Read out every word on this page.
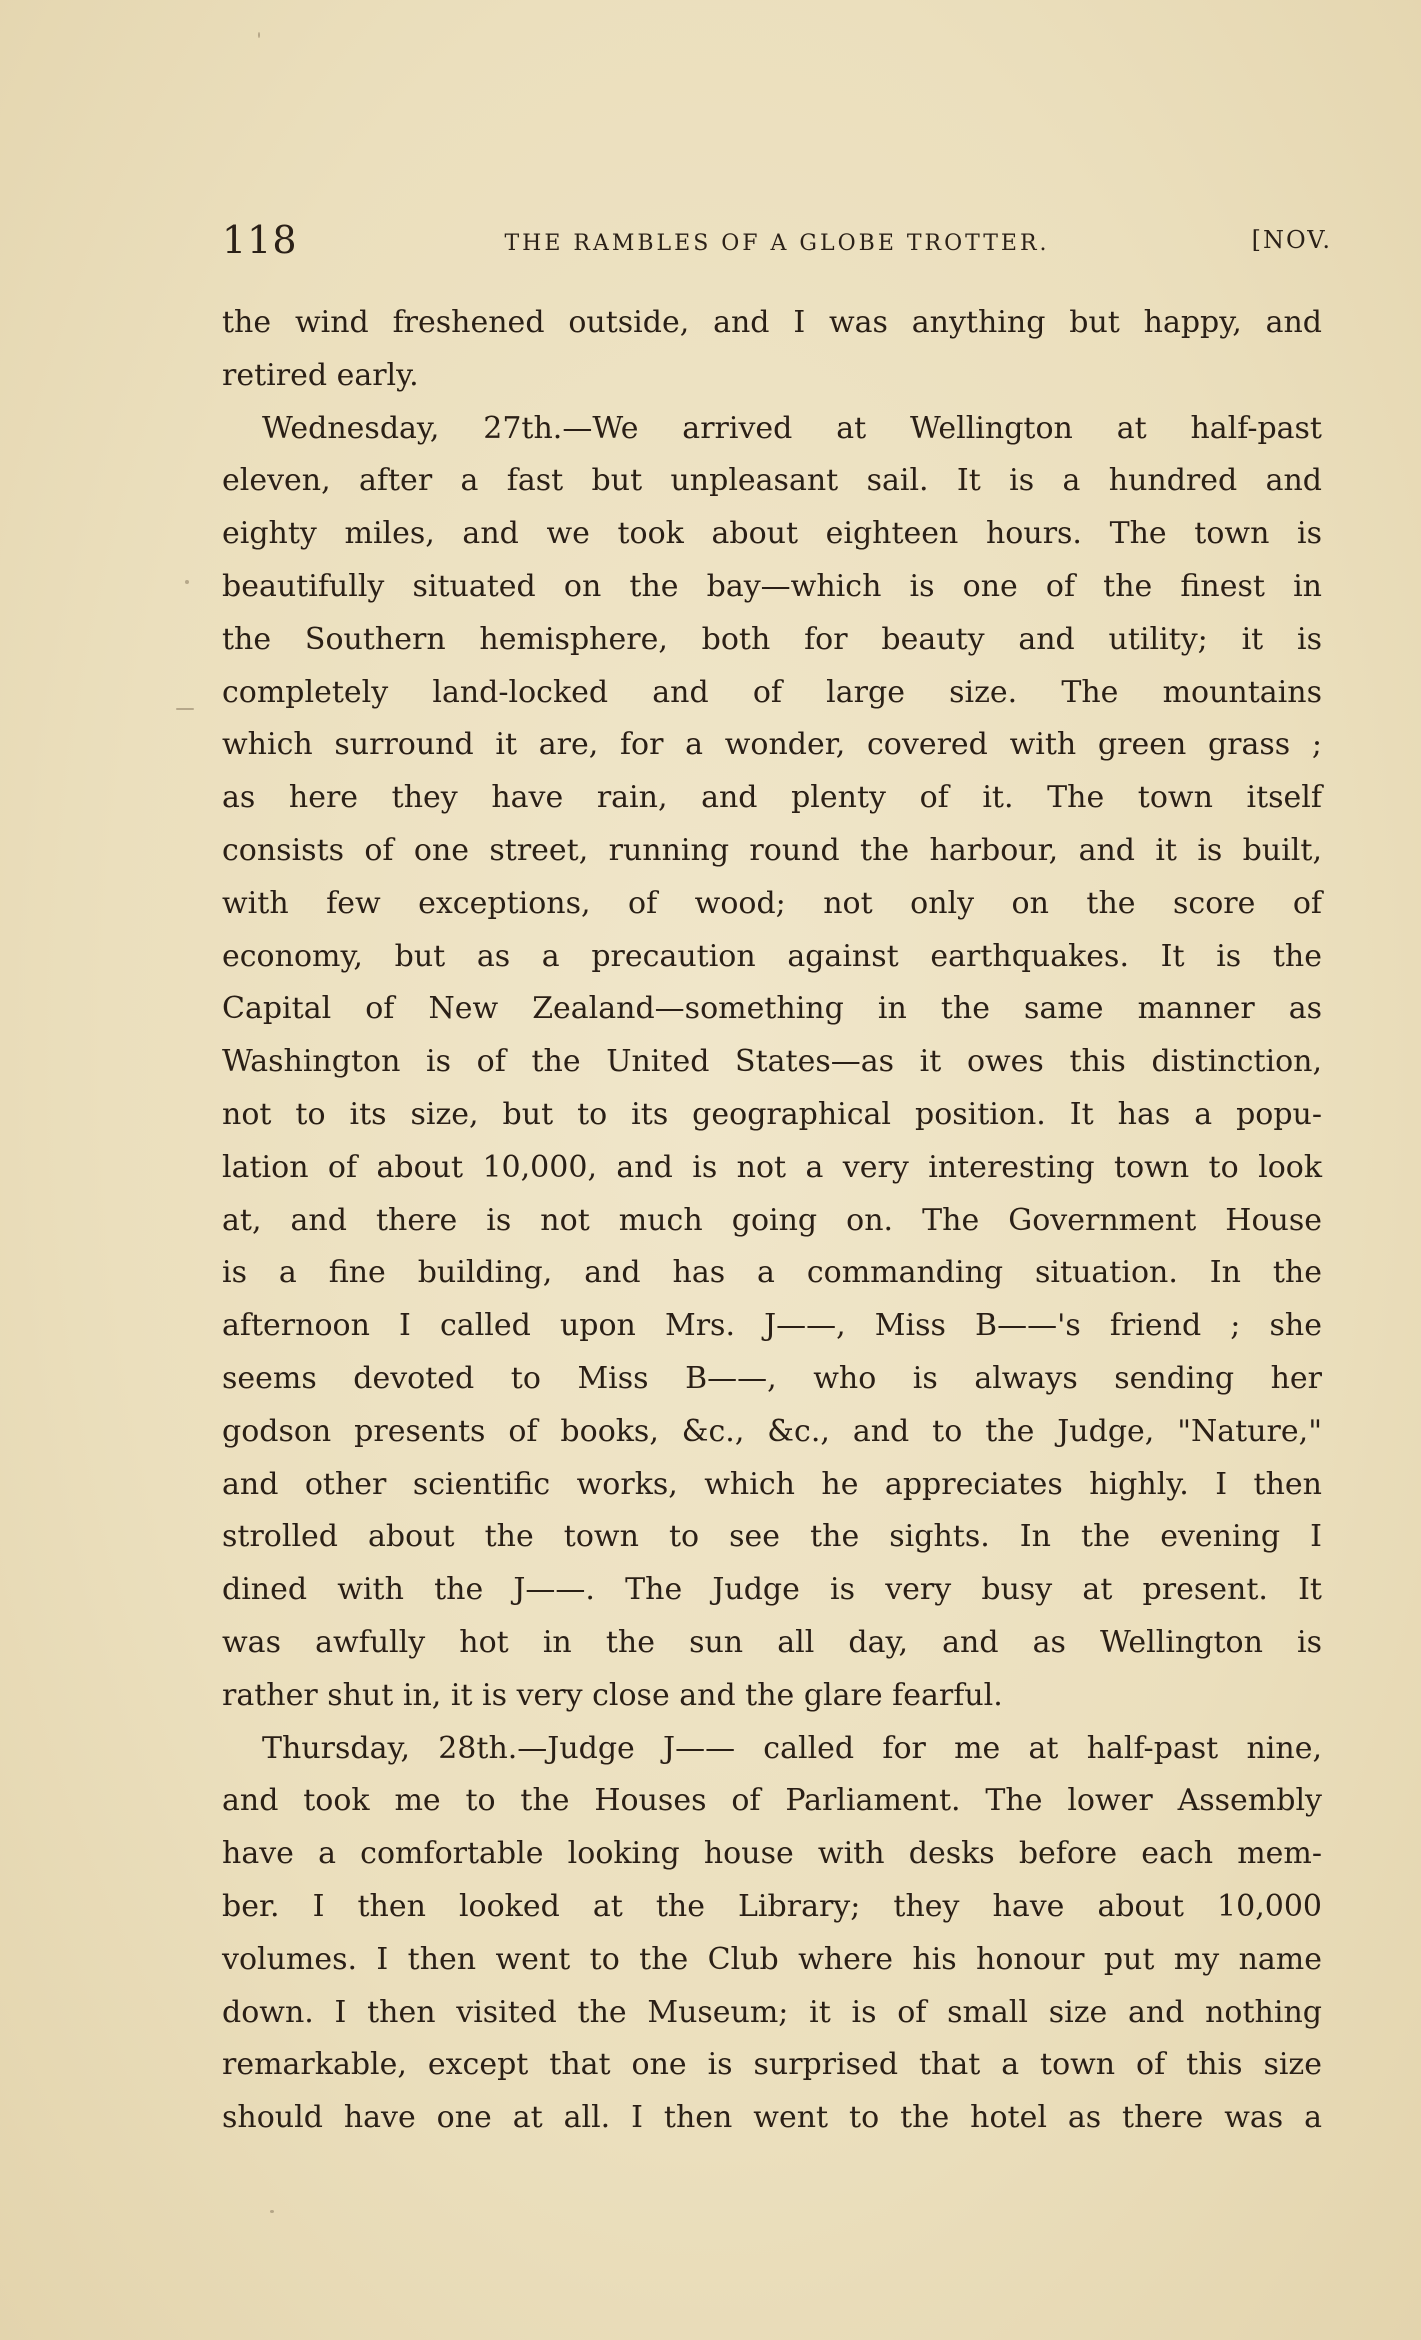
118	THE RAMBLES OF A GLOBE TROTTER.	[NOV.
the wind freshened outside, and I was anything but happy, and
retired early.
Wednesday, 27th.—We arrived at Wellington at half-past
eleven, after a fast but unpleasant sail. It is a hundred and
eighty miles, and we took about eighteen hours. The town is
beautifully situated on the bay—which is one of the finest in
the Southern hemisphere, both for beauty and utility; it is
completely land-locked and of large size. The mountains
which surround it are, for a wonder, covered with green grass ;
as here they have rain, and plenty of it. The town itself
consists of one street, running round the harbour, and it is built,
with few exceptions, of wood; not only on the score of
economy, but as a precaution against earthquakes. It is the
Capital of New Zealand—something in the same manner as
Washington is of the United States—as it owes this distinction,
not to its size, but to its geographical position. It has a popu-
lation of about 10,000, and is not a very interesting town to look
at, and there is not much going on. The Government House
is a fine building, and has a commanding situation. In the
afternoon I called upon Mrs. J——, Miss B——'s friend ; she
seems devoted to Miss B——, who is always sending her
godson presents of books, &c., &c., and to the Judge, "Nature,"
and other scientific works, which he appreciates highly. I then
strolled about the town to see the sights. In the evening I
dined with the J——. The Judge is very busy at present. It
was awfully hot in the sun all day, and as Wellington is
rather shut in, it is very close and the glare fearful.
Thursday, 28th.—Judge J—— called for me at half-past nine,
and took me to the Houses of Parliament. The lower Assembly
have a comfortable looking house with desks before each mem-
ber. I then looked at the Library; they have about 10,000
volumes. I then went to the Club where his honour put my name
down. I then visited the Museum; it is of small size and nothing
remarkable, except that one is surprised that a town of this size
should have one at all. I then went to the hotel as there was a
